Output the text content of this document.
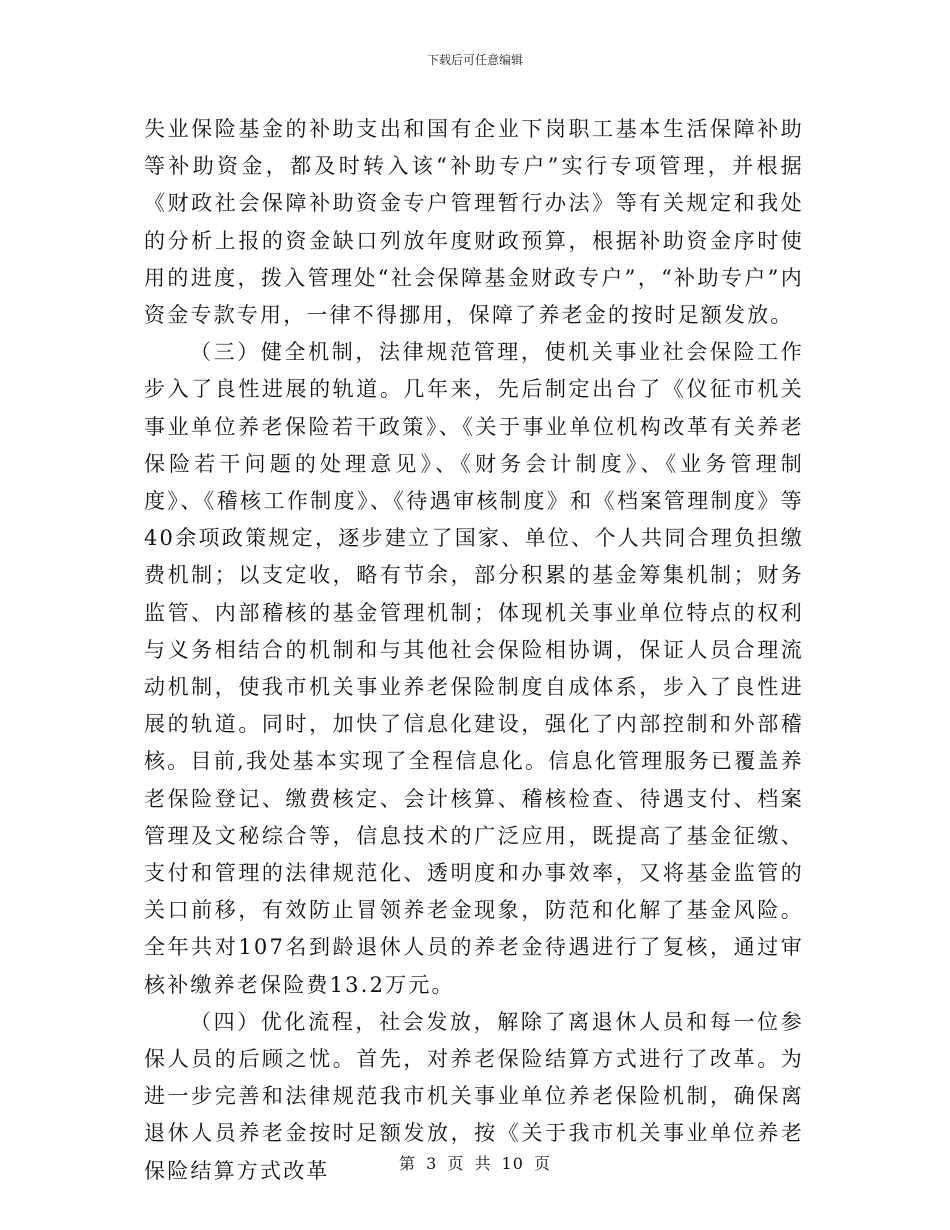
下载后可任意编辑

失业保险基金的补助支出和国有企业下岗职工基本生活保障补助等补助资金，都及时转入该“补助专户”实行专项管理，并根据《财政社会保障补助资金专户管理暂行办法》等有关规定和我处的分析上报的资金缺口列放年度财政预算，根据补助资金序时使用的进度，拨入管理处“社会保障基金财政专户”，“补助专户”内资金专款专用，一律不得挪用，保障了养老金的按时足额发放。

（三）健全机制，法律规范管理，使机关事业社会保险工作步入了良性进展的轨道。几年来，先后制定出台了《仪征市机关事业单位养老保险若干政策》、《关于事业单位机构改革有关养老保险若干问题的处理意见》、《财务会计制度》、《业务管理制度》、《稽核工作制度》、《待遇审核制度》和《档案管理制度》等40余项政策规定，逐步建立了国家、单位、个人共同合理负担缴费机制；以支定收，略有节余，部分积累的基金筹集机制；财务监管、内部稽核的基金管理机制；体现机关事业单位特点的权利与义务相结合的机制和与其他社会保险相协调，保证人员合理流动机制，使我市机关事业养老保险制度自成体系，步入了良性进展的轨道。同时，加快了信息化建设，强化了内部控制和外部稽核。目前,我处基本实现了全程信息化。信息化管理服务已覆盖养老保险登记、缴费核定、会计核算、稽核检查、待遇支付、档案管理及文秘综合等，信息技术的广泛应用，既提高了基金征缴、支付和管理的法律规范化、透明度和办事效率，又将基金监管的关口前移，有效防止冒领养老金现象，防范和化解了基金风险。全年共对107名到龄退休人员的养老金待遇进行了复核，通过审核补缴养老保险费13.2万元。

（四）优化流程，社会发放，解除了离退休人员和每一位参保人员的后顾之忧。首先，对养老保险结算方式进行了改革。为进一步完善和法律规范我市机关事业单位养老保险机制，确保离退休人员养老金按时足额发放，按《关于我市机关事业单位养老保险结算方式改革	第 3 页 共 10 页
